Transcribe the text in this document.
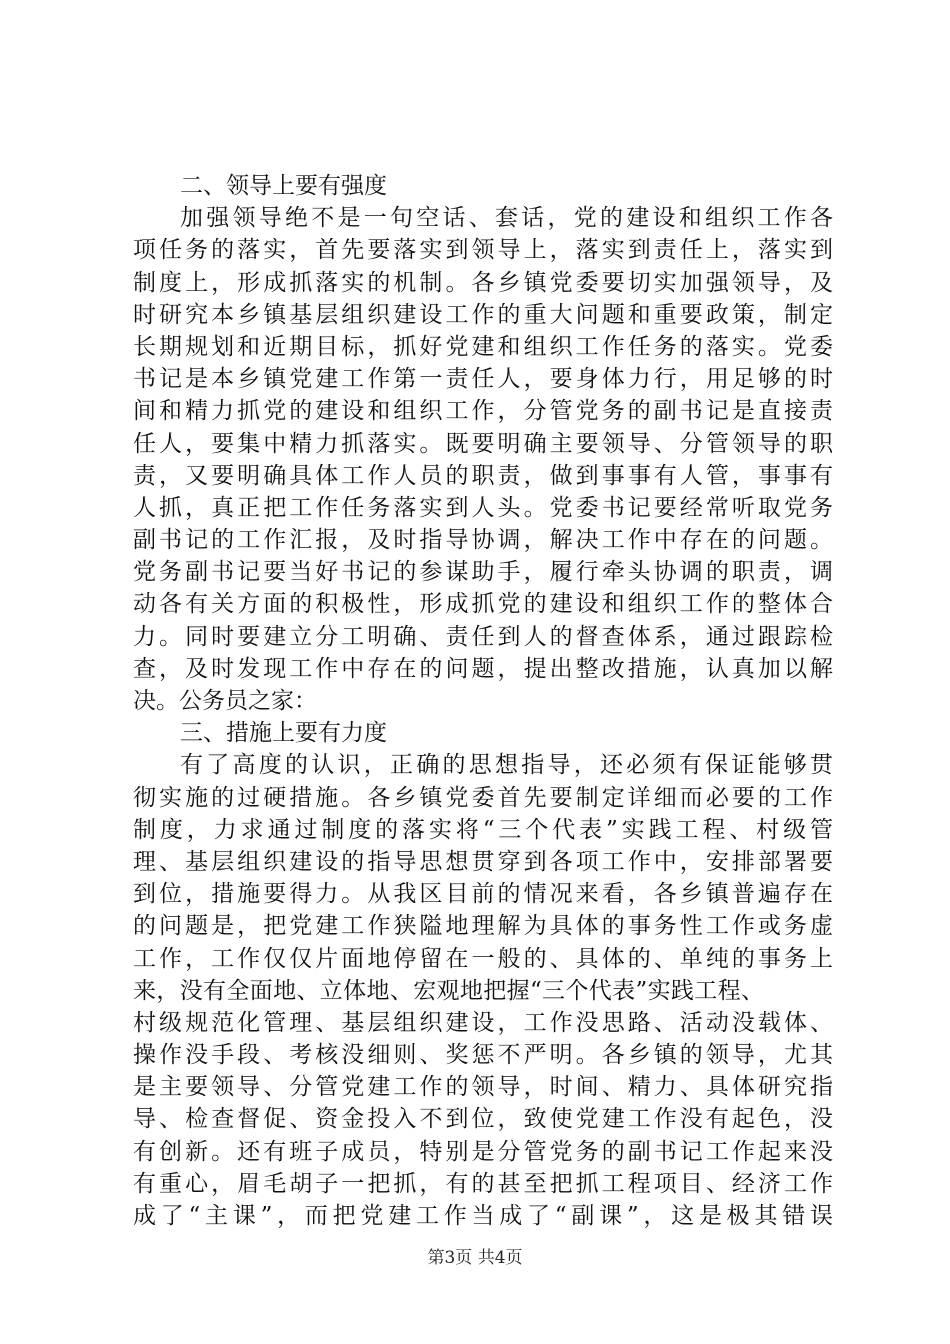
二、领导上要有强度
加强领导绝不是一句空话、套话，党的建设和组织工作各
项任务的落实，首先要落实到领导上，落实到责任上，落实到
制度上，形成抓落实的机制。各乡镇党委要切实加强领导，及
时研究本乡镇基层组织建设工作的重大问题和重要政策，制定
长期规划和近期目标，抓好党建和组织工作任务的落实。党委
书记是本乡镇党建工作第一责任人，要身体力行，用足够的时
间和精力抓党的建设和组织工作，分管党务的副书记是直接责
任人，要集中精力抓落实。既要明确主要领导、分管领导的职
责，又要明确具体工作人员的职责，做到事事有人管，事事有
人抓，真正把工作任务落实到人头。党委书记要经常听取党务
副书记的工作汇报，及时指导协调，解决工作中存在的问题。
党务副书记要当好书记的参谋助手，履行牵头协调的职责，调
动各有关方面的积极性，形成抓党的建设和组织工作的整体合
力。同时要建立分工明确、责任到人的督查体系，通过跟踪检
查，及时发现工作中存在的问题，提出整改措施，认真加以解
决。公务员之家：
三、措施上要有力度
有了高度的认识，正确的思想指导，还必须有保证能够贯
彻实施的过硬措施。各乡镇党委首先要制定详细而必要的工作
制度，力求通过制度的落实将“三个代表”实践工程、村级管
理、基层组织建设的指导思想贯穿到各项工作中，安排部署要
到位，措施要得力。从我区目前的情况来看，各乡镇普遍存在
的问题是，把党建工作狭隘地理解为具体的事务性工作或务虚
工作，工作仅仅片面地停留在一般的、具体的、单纯的事务上
来，没有全面地、立体地、宏观地把握“三个代表”实践工程、
村级规范化管理、基层组织建设，工作没思路、活动没载体、
操作没手段、考核没细则、奖惩不严明。各乡镇的领导，尤其
是主要领导、分管党建工作的领导，时间、精力、具体研究指
导、检查督促、资金投入不到位，致使党建工作没有起色，没
有创新。还有班子成员，特别是分管党务的副书记工作起来没
有重心，眉毛胡子一把抓，有的甚至把抓工程项目、经济工作
成了“主课”，而把党建工作当成了“副课”，这是极其错误
第3页 共4页
